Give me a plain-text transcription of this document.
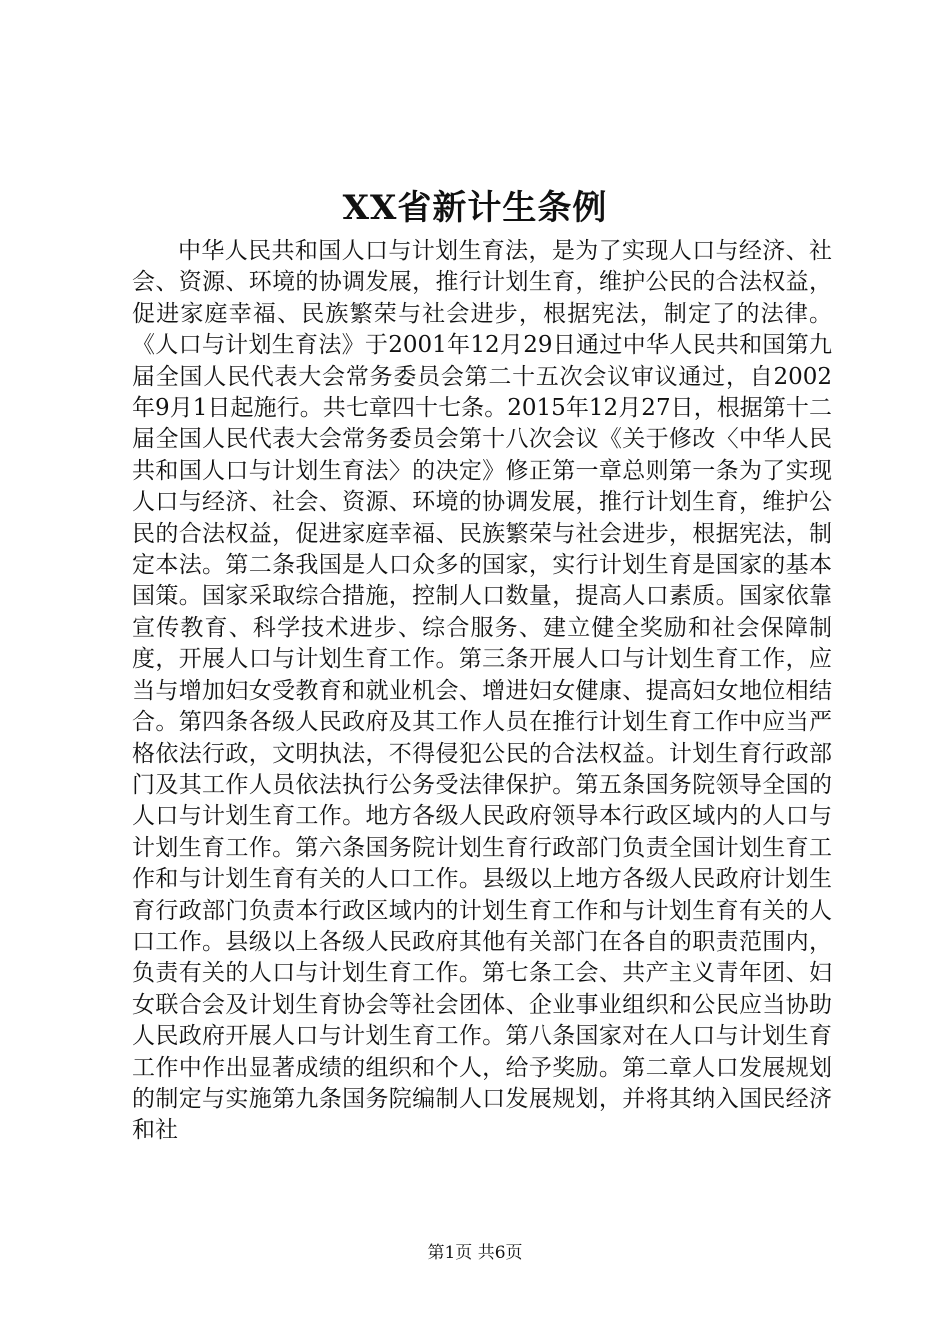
XX省新计生条例

中华人民共和国人口与计划生育法，是为了实现人口与经济、社会、资源、环境的协调发展，推行计划生育，维护公民的合法权益，促进家庭幸福、民族繁荣与社会进步，根据宪法，制定了的法律。《人口与计划生育法》于2001年12月29日通过中华人民共和国第九届全国人民代表大会常务委员会第二十五次会议审议通过，自2002年9月1日起施行。共七章四十七条。2015年12月27日，根据第十二届全国人民代表大会常务委员会第十八次会议《关于修改〈中华人民共和国人口与计划生育法〉的决定》修正第一章总则第一条为了实现人口与经济、社会、资源、环境的协调发展，推行计划生育，维护公民的合法权益，促进家庭幸福、民族繁荣与社会进步，根据宪法，制定本法。第二条我国是人口众多的国家，实行计划生育是国家的基本国策。国家采取综合措施，控制人口数量，提高人口素质。国家依靠宣传教育、科学技术进步、综合服务、建立健全奖励和社会保障制度，开展人口与计划生育工作。第三条开展人口与计划生育工作，应当与增加妇女受教育和就业机会、增进妇女健康、提高妇女地位相结合。第四条各级人民政府及其工作人员在推行计划生育工作中应当严格依法行政，文明执法，不得侵犯公民的合法权益。计划生育行政部门及其工作人员依法执行公务受法律保护。第五条国务院领导全国的人口与计划生育工作。地方各级人民政府领导本行政区域内的人口与计划生育工作。第六条国务院计划生育行政部门负责全国计划生育工作和与计划生育有关的人口工作。县级以上地方各级人民政府计划生育行政部门负责本行政区域内的计划生育工作和与计划生育有关的人口工作。县级以上各级人民政府其他有关部门在各自的职责范围内，负责有关的人口与计划生育工作。第七条工会、共产主义青年团、妇女联合会及计划生育协会等社会团体、企业事业组织和公民应当协助人民政府开展人口与计划生育工作。第八条国家对在人口与计划生育工作中作出显著成绩的组织和个人，给予奖励。第二章人口发展规划的制定与实施第九条国务院编制人口发展规划，并将其纳入国民经济和社

第1页 共6页
